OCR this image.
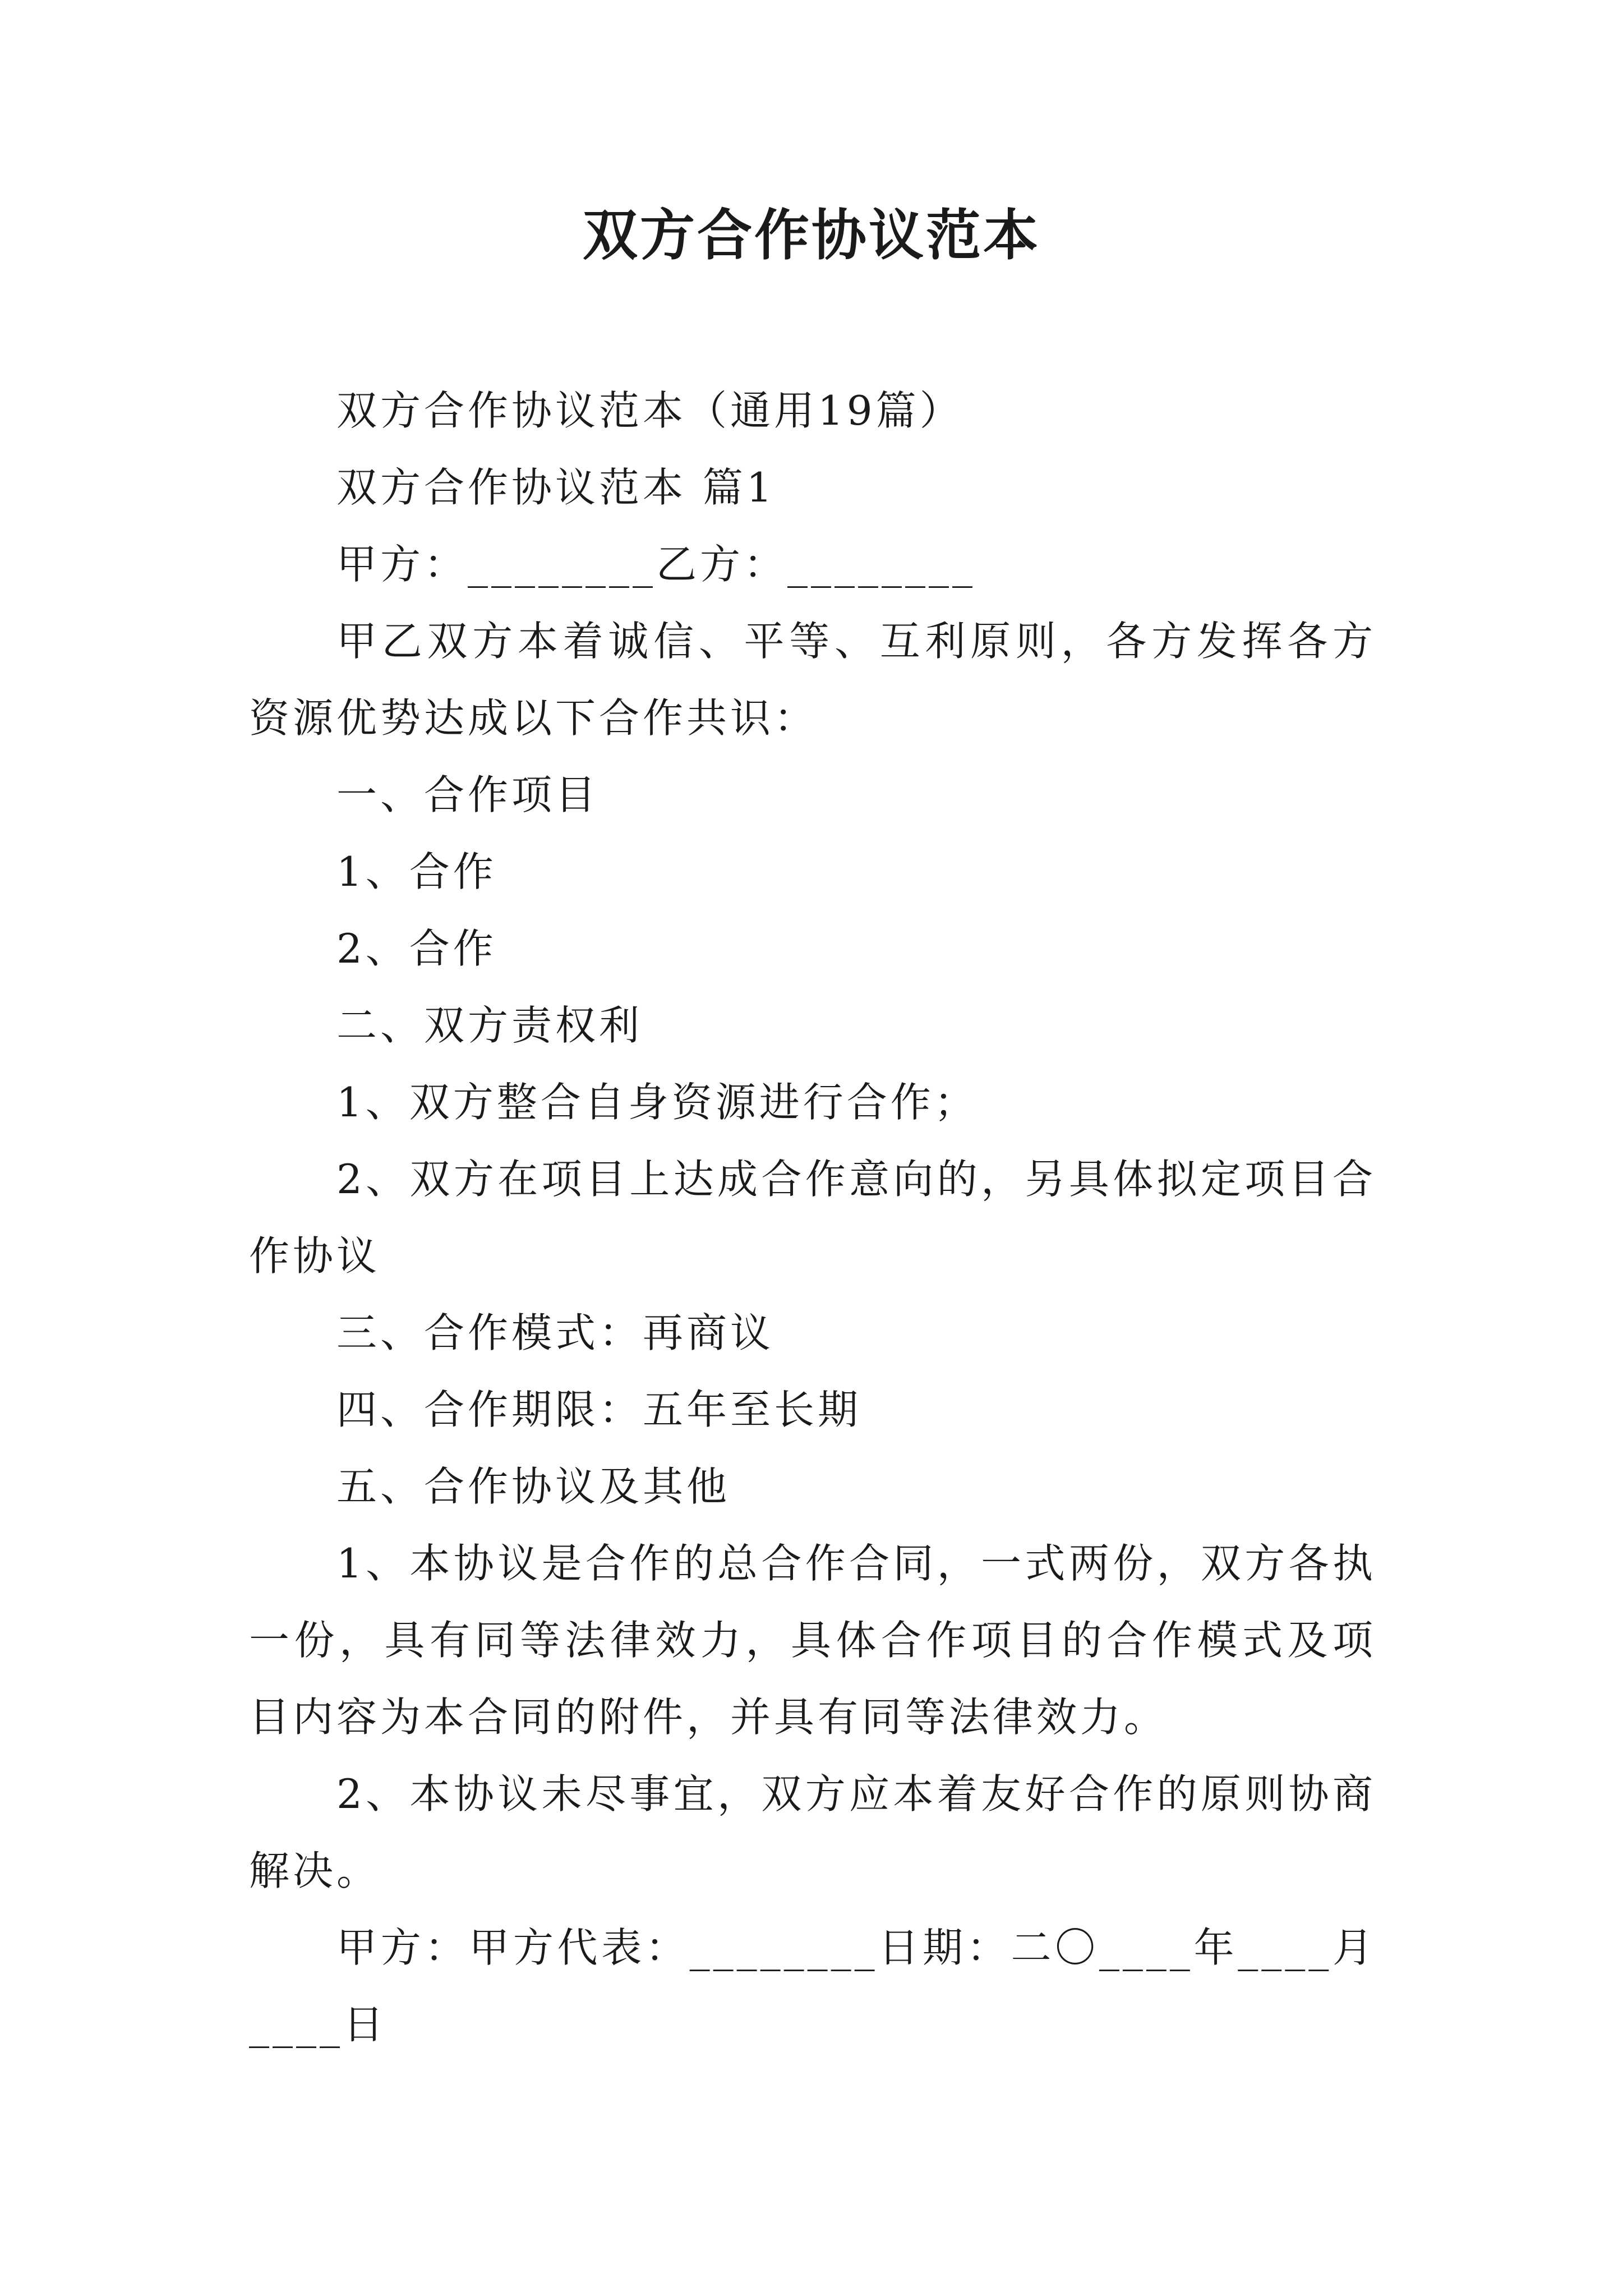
双方合作协议范本

双方合作协议范本（通用19篇）

双方合作协议范本 篇1

甲方：________乙方：________

甲乙双方本着诚信、平等、互利原则，各方发挥各方资源优势达成以下合作共识：

一、合作项目

1、合作

2、合作

二、双方责权利

1、双方整合自身资源进行合作；

2、双方在项目上达成合作意向的，另具体拟定项目合作协议

三、合作模式：再商议

四、合作期限：五年至长期

五、合作协议及其他

1、本协议是合作的总合作合同，一式两份，双方各执一份，具有同等法律效力，具体合作项目的合作模式及项目内容为本合同的附件，并具有同等法律效力。

2、本协议未尽事宜，双方应本着友好合作的原则协商解决。

甲方：甲方代表：________日期：二〇____年____月____日
